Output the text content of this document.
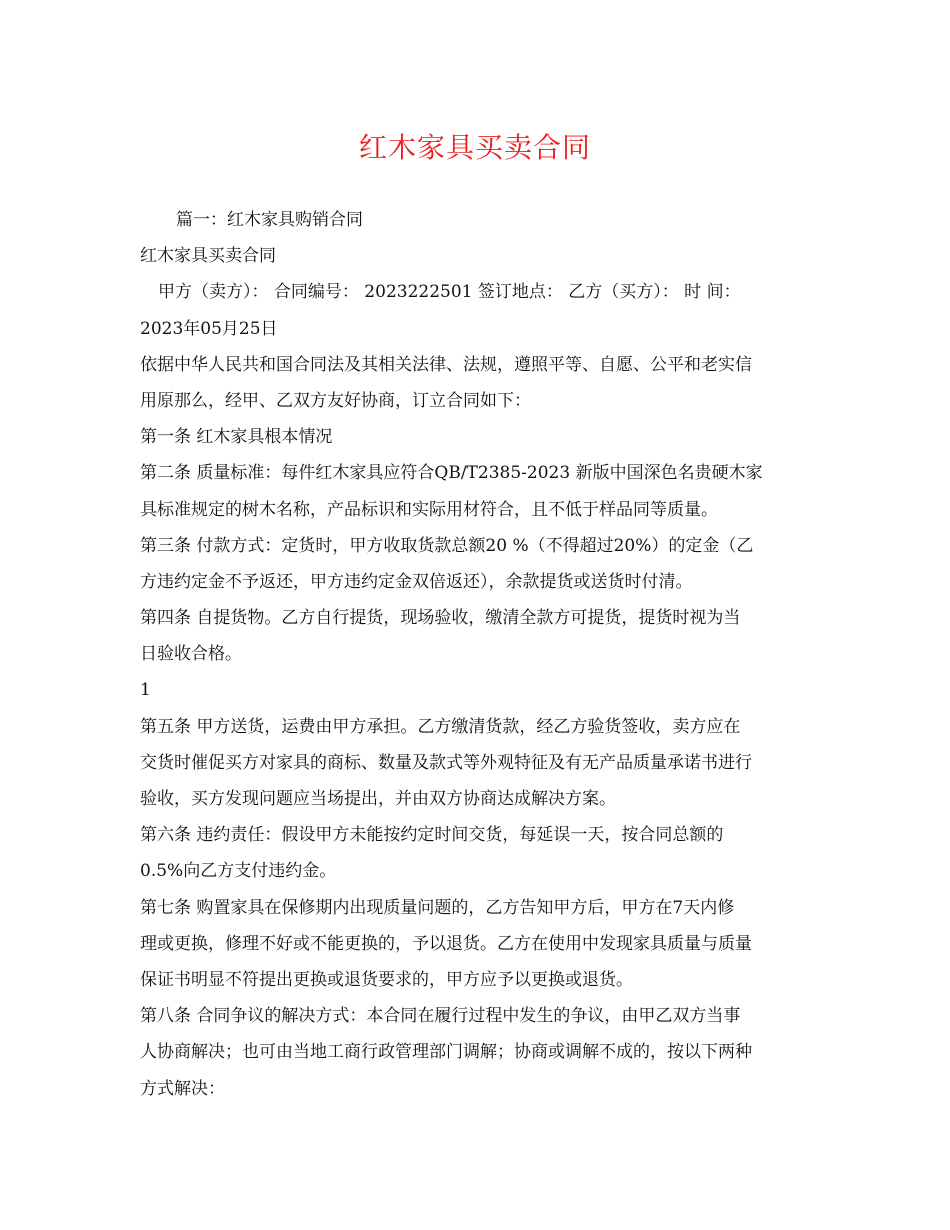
红木家具买卖合同
篇一：红木家具购销合同
红木家具买卖合同
甲方（卖方）： 合同编号： 2023222501 签订地点： 乙方（买方）： 时 间：
2023年05月25日
依据中华人民共和国合同法及其相关法律、法规，遵照平等、自愿、公平和老实信
用原那么，经甲、乙双方友好协商，订立合同如下：
第一条 红木家具根本情况
第二条 质量标准：每件红木家具应符合QB/T2385-2023 新版中国深色名贵硬木家
具标准规定的树木名称，产品标识和实际用材符合，且不低于样品同等质量。
第三条 付款方式：定货时，甲方收取货款总额20 %（不得超过20%）的定金（乙
方违约定金不予返还，甲方违约定金双倍返还），余款提货或送货时付清。
第四条 自提货物。乙方自行提货，现场验收，缴清全款方可提货，提货时视为当
日验收合格。
1
第五条 甲方送货，运费由甲方承担。乙方缴清货款，经乙方验货签收，卖方应在
交货时催促买方对家具的商标、数量及款式等外观特征及有无产品质量承诺书进行
验收，买方发现问题应当场提出，并由双方协商达成解决方案。
第六条 违约责任：假设甲方未能按约定时间交货，每延误一天，按合同总额的
0.5%向乙方支付违约金。
第七条 购置家具在保修期内出现质量问题的，乙方告知甲方后，甲方在7天内修
理或更换，修理不好或不能更换的，予以退货。乙方在使用中发现家具质量与质量
保证书明显不符提出更换或退货要求的，甲方应予以更换或退货。
第八条 合同争议的解决方式：本合同在履行过程中发生的争议，由甲乙双方当事
人协商解决；也可由当地工商行政管理部门调解；协商或调解不成的，按以下两种
方式解决：
